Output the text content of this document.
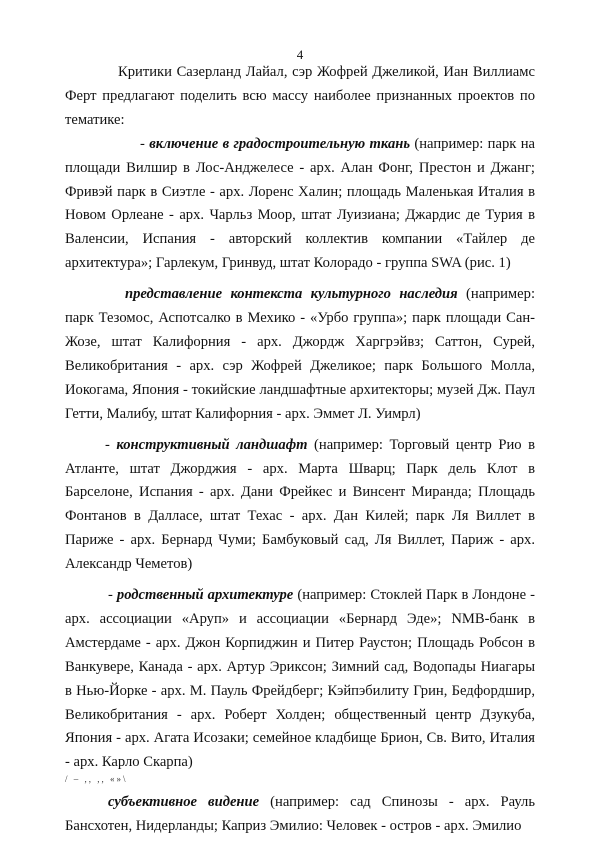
4

Критики Сазерланд Лайал, сэр Жофрей Джеликой, Иан Виллиамс Ферт предлагают поделить всю массу наиболее признанных проектов по тематике:

- включение в градостроительную ткань (например: парк на площади Вилшир в Лос-Анджелесе - арх. Алан Фонг, Престон и Джанг; Фривэй парк в Сиэтле - арх. Лоренс Халин; площадь Маленькая Италия в Новом Орлеане - арх. Чарльз Моор, штат Луизиана; Джардис де Турия в Валенсии, Испания - авторский коллектив компании «Тайлер де архитектура»; Гарлекум, Гринвуд, штат Колорадо - группа SWA (рис. 1)

представление контекста культурного наследия (например: парк Тезомос, Аспотсалко в Мехико - «Урбо группа»; парк площади Сан-Жозе, штат Калифорния - арх. Джордж Харгрэйвз; Саттон, Сурей, Великобритания - арх. сэр Жофрей Джеликое; парк Большого Молла, Иокогама, Япония - токийские ландшафтные архитекторы; музей Дж. Паул Гетти, Малибу, штат Калифорния - арх. Эммет Л. Уимрл)

- конструктивный ландшафт (например: Торговый центр Рио в Атланте, штат Джорджия - арх. Марта Шварц; Парк дель Клот в Барселоне, Испания - арх. Дани Фрейкес и Винсент Миранда; Площадь Фонтанов в Далласе, штат Техас - арх. Дан Килей; парк Ля Виллет в Париже - арх. Бернард Чуми; Бамбуковый сад, Ля Виллет, Париж - арх. Александр Чеметов)

- родственный архитектуре (например: Стоклей Парк в Лондоне - арх. ассоциации «Аруп» и ассоциации «Бернард Эде»; NMB-банк в Амстердаме - арх. Джон Корпиджин и Питер Рауcтон; Площадь Робсон в Ванкувере, Канада - арх. Артур Эриксон; Зимний сад, Водопады Ниагары в Нью-Йорке - арх. М. Пауль Фрейдберг; Кэйпэбилиту Грин, Бедфордшир, Великобритания - арх. Роберт Холден; общественный центр Дзукуба, Япония - арх. Агата Исозаки; семейное кладбище Брион, Св. Вито, Италия - арх. Карло Скарпа)

/ – ,, ,, «»\

субъективное видение (например: сад Спинозы - арх. Рауль Бансхотен, Нидерланды; Каприз Эмилио: Человек - остров - арх. Эмилио
